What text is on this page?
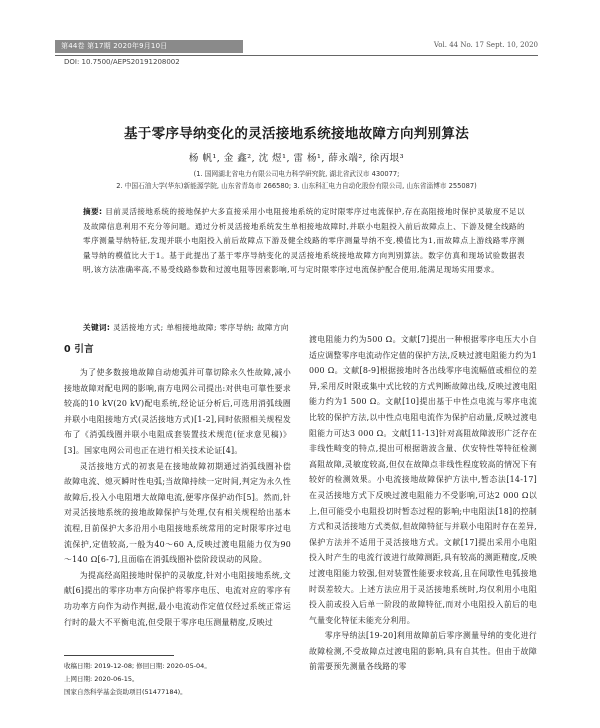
第44卷 第17期 2020年9月10日	Vol. 44 No. 17 Sept. 10, 2020
DOI: 10.7500/AEPS20191208002
基于零序导纳变化的灵活接地系统接地故障方向判别算法
杨 帆¹, 金 鑫², 沈 煜¹, 雷 杨¹, 薛永端², 徐丙垠³
(1. 国网湖北省电力有限公司电力科学研究院, 湖北省武汉市 430077;
2. 中国石油大学(华东)新能源学院, 山东省青岛市 266580; 3. 山东科汇电力自动化股份有限公司, 山东省淄博市 255087)
摘要: 目前灵活接地系统的接地保护大多直接采用小电阻接地系统的定时限零序过电流保护,存在高阻接地时保护灵敏度不足以及故障信息利用不充分等问题。通过分析灵活接地系统发生单相接地故障时,并联小电阻投入前后故障点上、下游及健全线路的零序测量导纳特征,发现并联小电阻投入前后故障点下游及健全线路的零序测量导纳不变,模值比为1,而故障点上游线路零序测量导纳的模值比大于1。基于此提出了基于零序导纳变化的灵活接地系统接地故障方向判别算法。数字仿真和现场试验数据表明,该方法准确率高,不易受线路参数和过渡电阻等因素影响,可与定时限零序过电流保护配合使用,能满足现场实用要求。
关键词: 灵活接地方式; 单相接地故障; 零序导纳; 故障方向
0 引言

为了使多数接地故障自动熄弧并可靠切除永久性故障,减小接地故障对配电网的影响,南方电网公司提出:对供电可靠性要求较高的10 kV(20 kV)配电系统,经论证分析后,可选用消弧线圈并联小电阻接地方式(灵活接地方式)[1-2],同时依照相关规程发布了《消弧线圈并联小电阻成套装置技术规范(征求意见稿)》[3]。国家电网公司也正在进行相关技术论证[4]。

灵活接地方式的初衷是在接地故障初期通过消弧线圈补偿故障电流、熄灭瞬时性电弧;当故障持续一定时间,判定为永久性故障后,投入小电阻增大故障电流,便零序保护动作[5]。然而,针对灵活接地系统的接地故障保护与处理,仅有相关规程给出基本流程,目前保护大多沿用小电阻接地系统常用的定时限零序过电流保护,定值较高,一般为40～60 A,反映过渡电阻能力仅为90～140 Ω[6-7],且面临在消弧线圈补偿阶段误动的风险。

为提高经高阻接地时保护的灵敏度,针对小电阻接地系统,文献[6]提出的零序功率方向保护将零序电压、电流对应的零序有功功率方向作为动作判据,最小电流动作定值仅经过系统正常运行时的最大不平衡电流,但受限于零序电压测量精度,反映过

渡电阻能力约为500 Ω。文献[7]提出一种根据零序电压大小自适应调整零序电流动作定值的保护方法,反映过渡电阻能力约为1 000 Ω。文献[8-9]根据接地时各出线零序电流幅值或相位的差异,采用反时限或集中式比较的方式判断故障出线,反映过渡电阻能力约为1 500 Ω。文献[10]提出基于中性点电流与零序电流比较的保护方法,以中性点电阻电流作为保护启动量,反映过渡电阻能力可达3 000 Ω。文献[11-13]针对高阻故障波形广泛存在非线性畸变的特点,提出可根据谐波含量、伏安特性等特征检测高阻故障,灵敏度较高,但仅在故障点非线性程度较高的情况下有较好的检测效果。小电流接地故障保护方法中,暂态法[14-17]在灵活接地方式下反映过渡电阻能力不受影响,可达2 000 Ω以上,但可能受小电阻投切时暂态过程的影响;中电阻法[18]的控制方式和灵活接地方式类似,但故障特征与并联小电阻时存在差异,保护方法并不适用于灵活接地方式。文献[17]提出采用小电阻投入时产生的电流行波进行故障测距,具有较高的测距精度,反映过渡电阻能力较强,但对装置性能要求较高,且在间歇性电弧接地时误差较大。上述方法应用于灵活接地系统时,均仅利用小电阻投入前或投入后单一阶段的故障特征,而对小电阻投入前后的电气量变化特征未能充分利用。

零序导纳法[19-20]利用故障前后零序测量导纳的变化进行故障检测,不受故障点过渡电阻的影响,具有自其性。但由于故障前需要预先测量各线路的零

收稿日期: 2019-12-08; 修回日期: 2020-05-04。
上网日期: 2020-06-15。
国家自然科学基金资助项目(51477184)。
